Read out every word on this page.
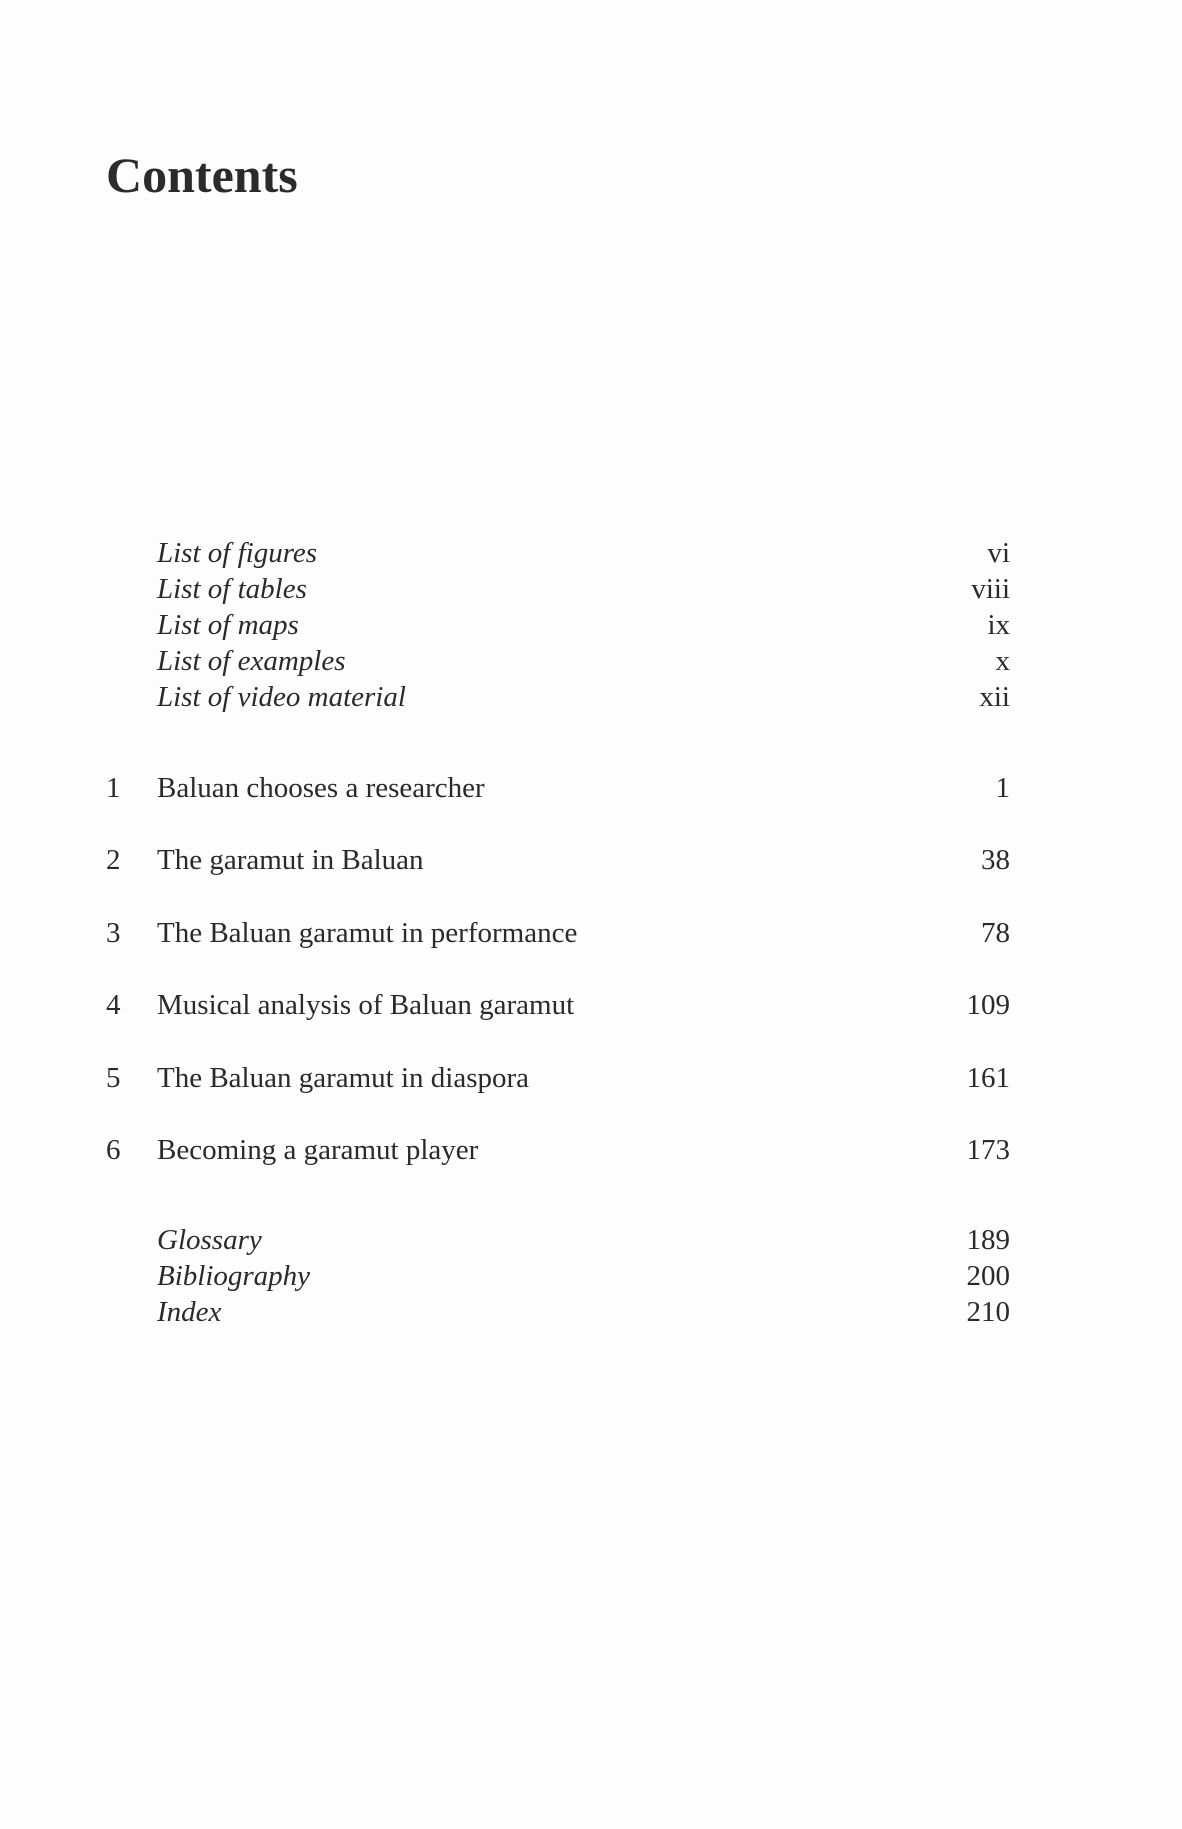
Contents
List of figures	vi
List of tables	viii
List of maps	ix
List of examples	x
List of video material	xii
1 Baluan chooses a researcher	1
2 The garamut in Baluan	38
3 The Baluan garamut in performance	78
4 Musical analysis of Baluan garamut	109
5 The Baluan garamut in diaspora	161
6 Becoming a garamut player	173
Glossary	189
Bibliography	200
Index	210
